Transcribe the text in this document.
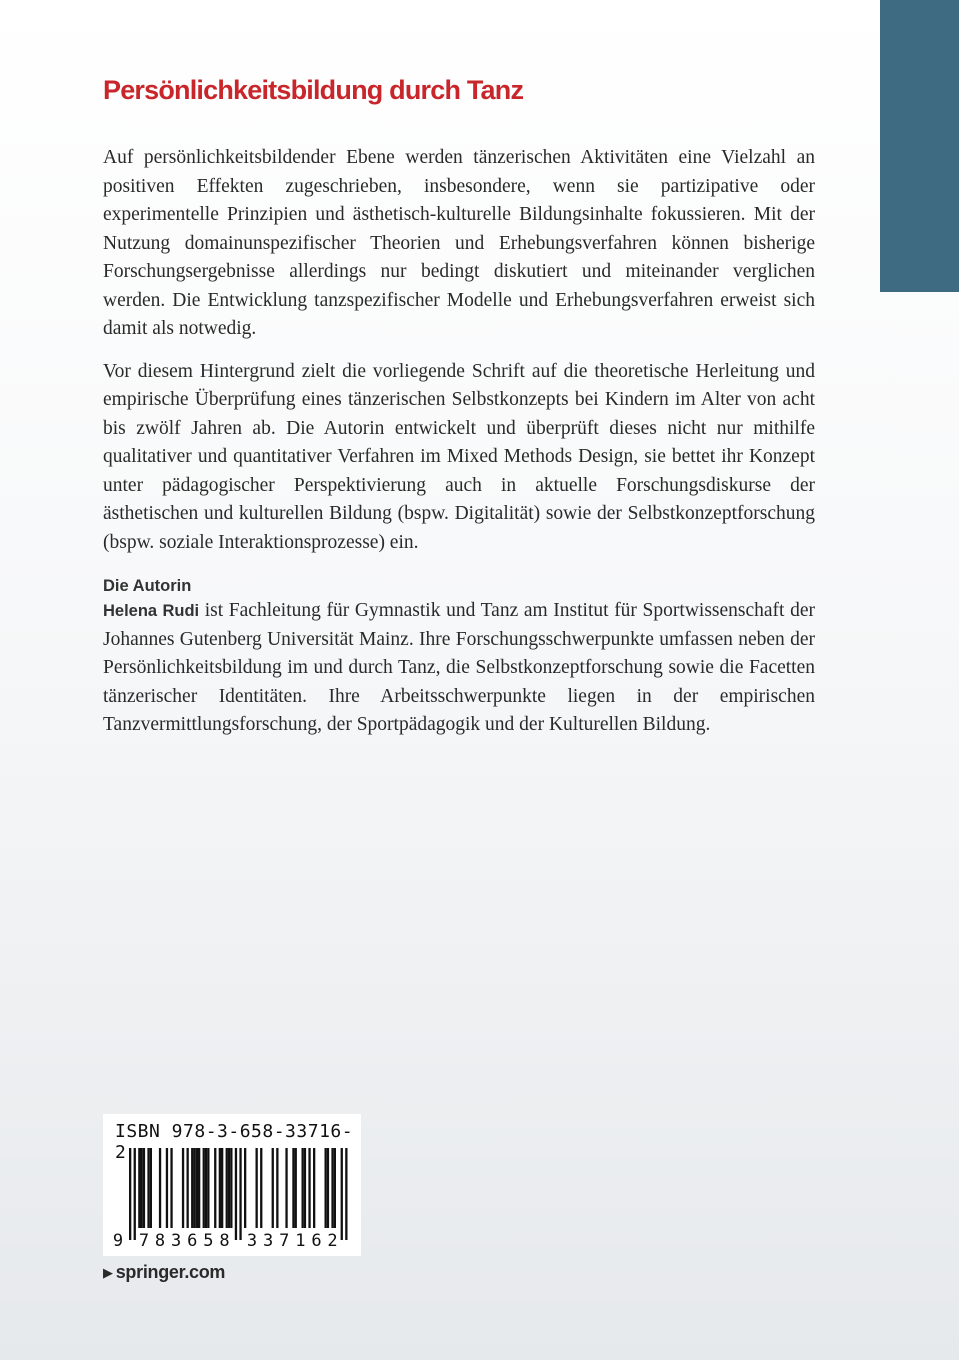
Persönlichkeitsbildung durch Tanz

Auf persönlichkeitsbildender Ebene werden tänzerischen Aktivitäten eine Vielzahl an positiven Effekten zugeschrieben, insbesondere, wenn sie partizipative oder experimentelle Prinzipien und ästhetisch-kulturelle Bildungsinhalte fokussieren. Mit der Nutzung domainunspezifischer Theorien und Erhebungsverfahren können bisherige Forschungsergebnisse allerdings nur bedingt diskutiert und miteinander verglichen werden. Die Entwicklung tanzspezifischer Modelle und Erhebungsverfahren erweist sich damit als notwedig.

Vor diesem Hintergrund zielt die vorliegende Schrift auf die theoretische Herleitung und empirische Überprüfung eines tänzerischen Selbstkonzepts bei Kindern im Alter von acht bis zwölf Jahren ab. Die Autorin entwickelt und überprüft dieses nicht nur mithilfe qualitativer und quantitativer Verfahren im Mixed Methods Design, sie bettet ihr Konzept unter pädagogischer Perspektivierung auch in aktuelle Forschungsdiskurse der ästhetischen und kulturellen Bildung (bspw. Digitalität) sowie der Selbstkonzeptforschung (bspw. soziale Interaktionsprozesse) ein.

Die Autorin

Helena Rudi ist Fachleitung für Gymnastik und Tanz am Institut für Sportwissenschaft der Johannes Gutenberg Universität Mainz. Ihre Forschungsschwerpunkte umfassen neben der Persönlichkeitsbildung im und durch Tanz, die Selbstkonzeptforschung sowie die Facetten tänzerischer Identitäten. Ihre Arbeitsschwerpunkte liegen in der empirischen Tanzvermittlungsforschung, der Sportpädagogik und der Kulturellen Bildung.

ISBN 978-3-658-33716-2
9 7 8 3 6 5 8 3 3 7 1 6 2
▶ springer.com
